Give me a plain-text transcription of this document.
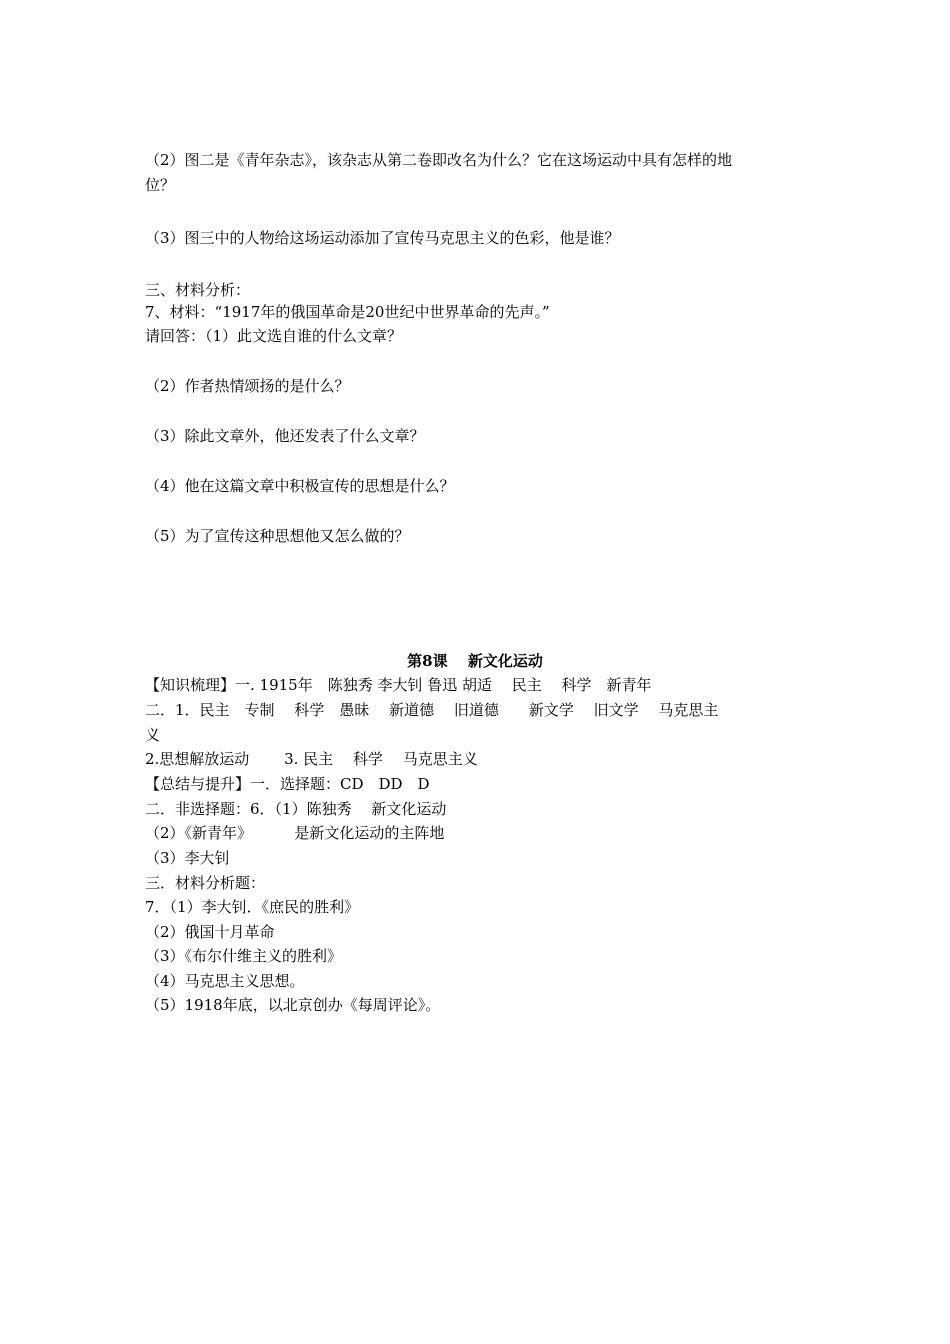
（2）图二是《青年杂志》，该杂志从第二卷即改名为什么？它在这场运动中具有怎样的地
位？
（3）图三中的人物给这场运动添加了宣传马克思主义的色彩，他是谁？
三、材料分析：
7、材料：“1917年的俄国革命是20世纪中世界革命的先声。”
请回答：（1）此文选自谁的什么文章？
（2）作者热情颂扬的是什么？
（3）除此文章外，他还发表了什么文章？
（4）他在这篇文章中积极宣传的思想是什么？
（5）为了宣传这种思想他又怎么做的？
第8课　 新文化运动
【知识梳理】一. 1915年　陈独秀 李大钊 鲁迅 胡适　 民主　 科学　新青年
二．1．民主　专制　 科学　愚昧　 新道德　 旧道德　　新文学　 旧文学　 马克思主
义
2.思想解放运动　　 3. 民主　 科学　 马克思主义
【总结与提升】一．选择题：CD　DD　D
二．非选择题：6．（1）陈独秀　 新文化运动
（2）《新青年》　　　 是新文化运动的主阵地
（3）李大钊
三．材料分析题：
7．（1）李大钊．《庶民的胜利》
（2）俄国十月革命
（3）《布尔什维主义的胜利》
（4）马克思主义思想。
（5）1918年底，以北京创办《每周评论》。
